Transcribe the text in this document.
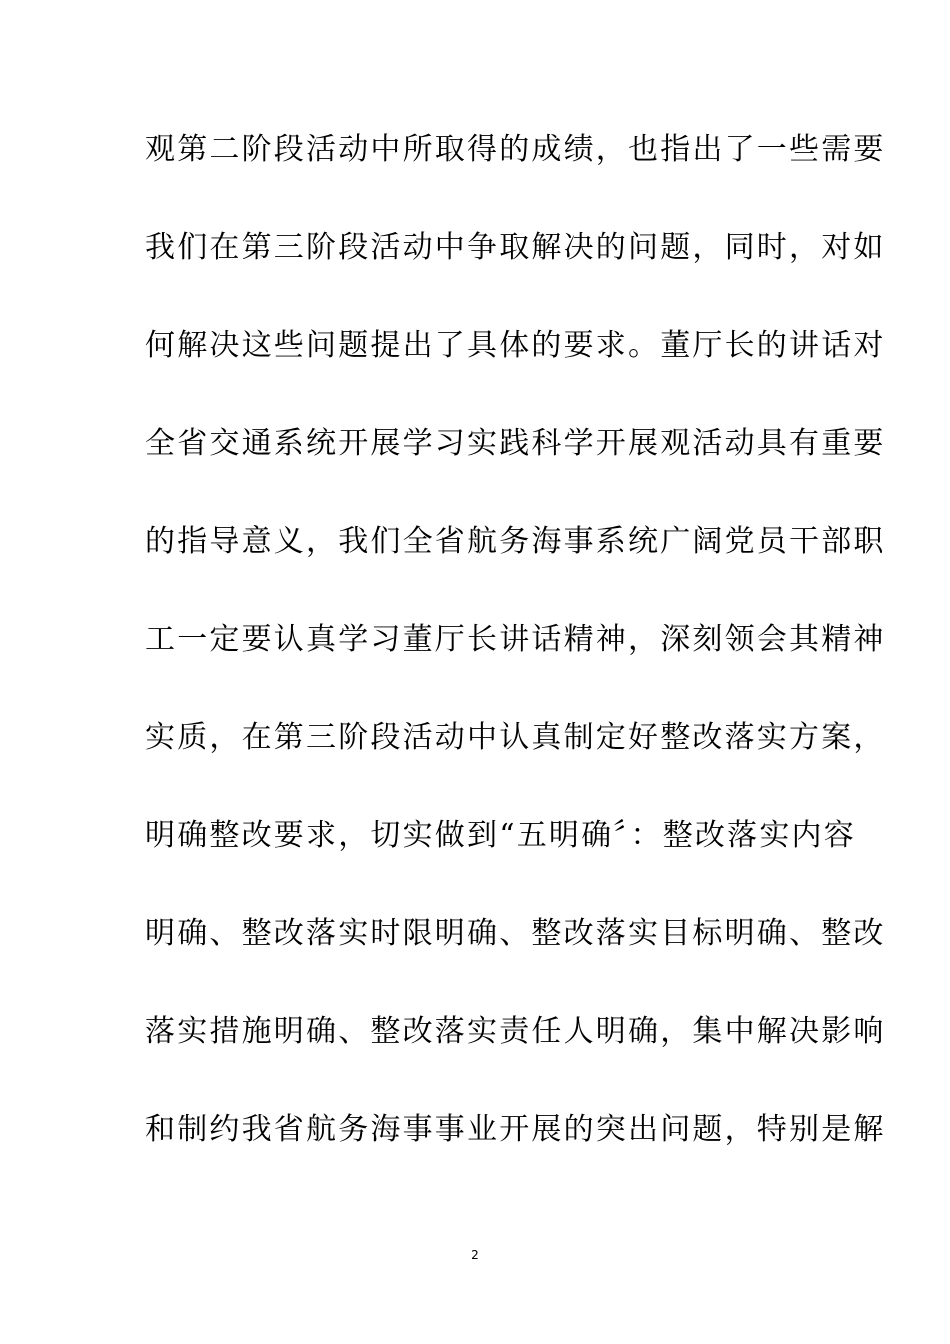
观第二阶段活动中所取得的成绩，也指出了一些需要
我们在第三阶段活动中争取解决的问题，同时，对如
何解决这些问题提出了具体的要求。董厅长的讲话对
全省交通系统开展学习实践科学开展观活动具有重要
的指导意义，我们全省航务海事系统广阔党员干部职
工一定要认真学习董厅长讲话精神，深刻领会其精神
实质，在第三阶段活动中认真制定好整改落实方案，
明确整改要求，切实做到“五明确〞：整改落实内容
明确、整改落实时限明确、整改落实目标明确、整改
落实措施明确、整改落实责任人明确，集中解决影响
和制约我省航务海事事业开展的突出问题，特别是解
2
